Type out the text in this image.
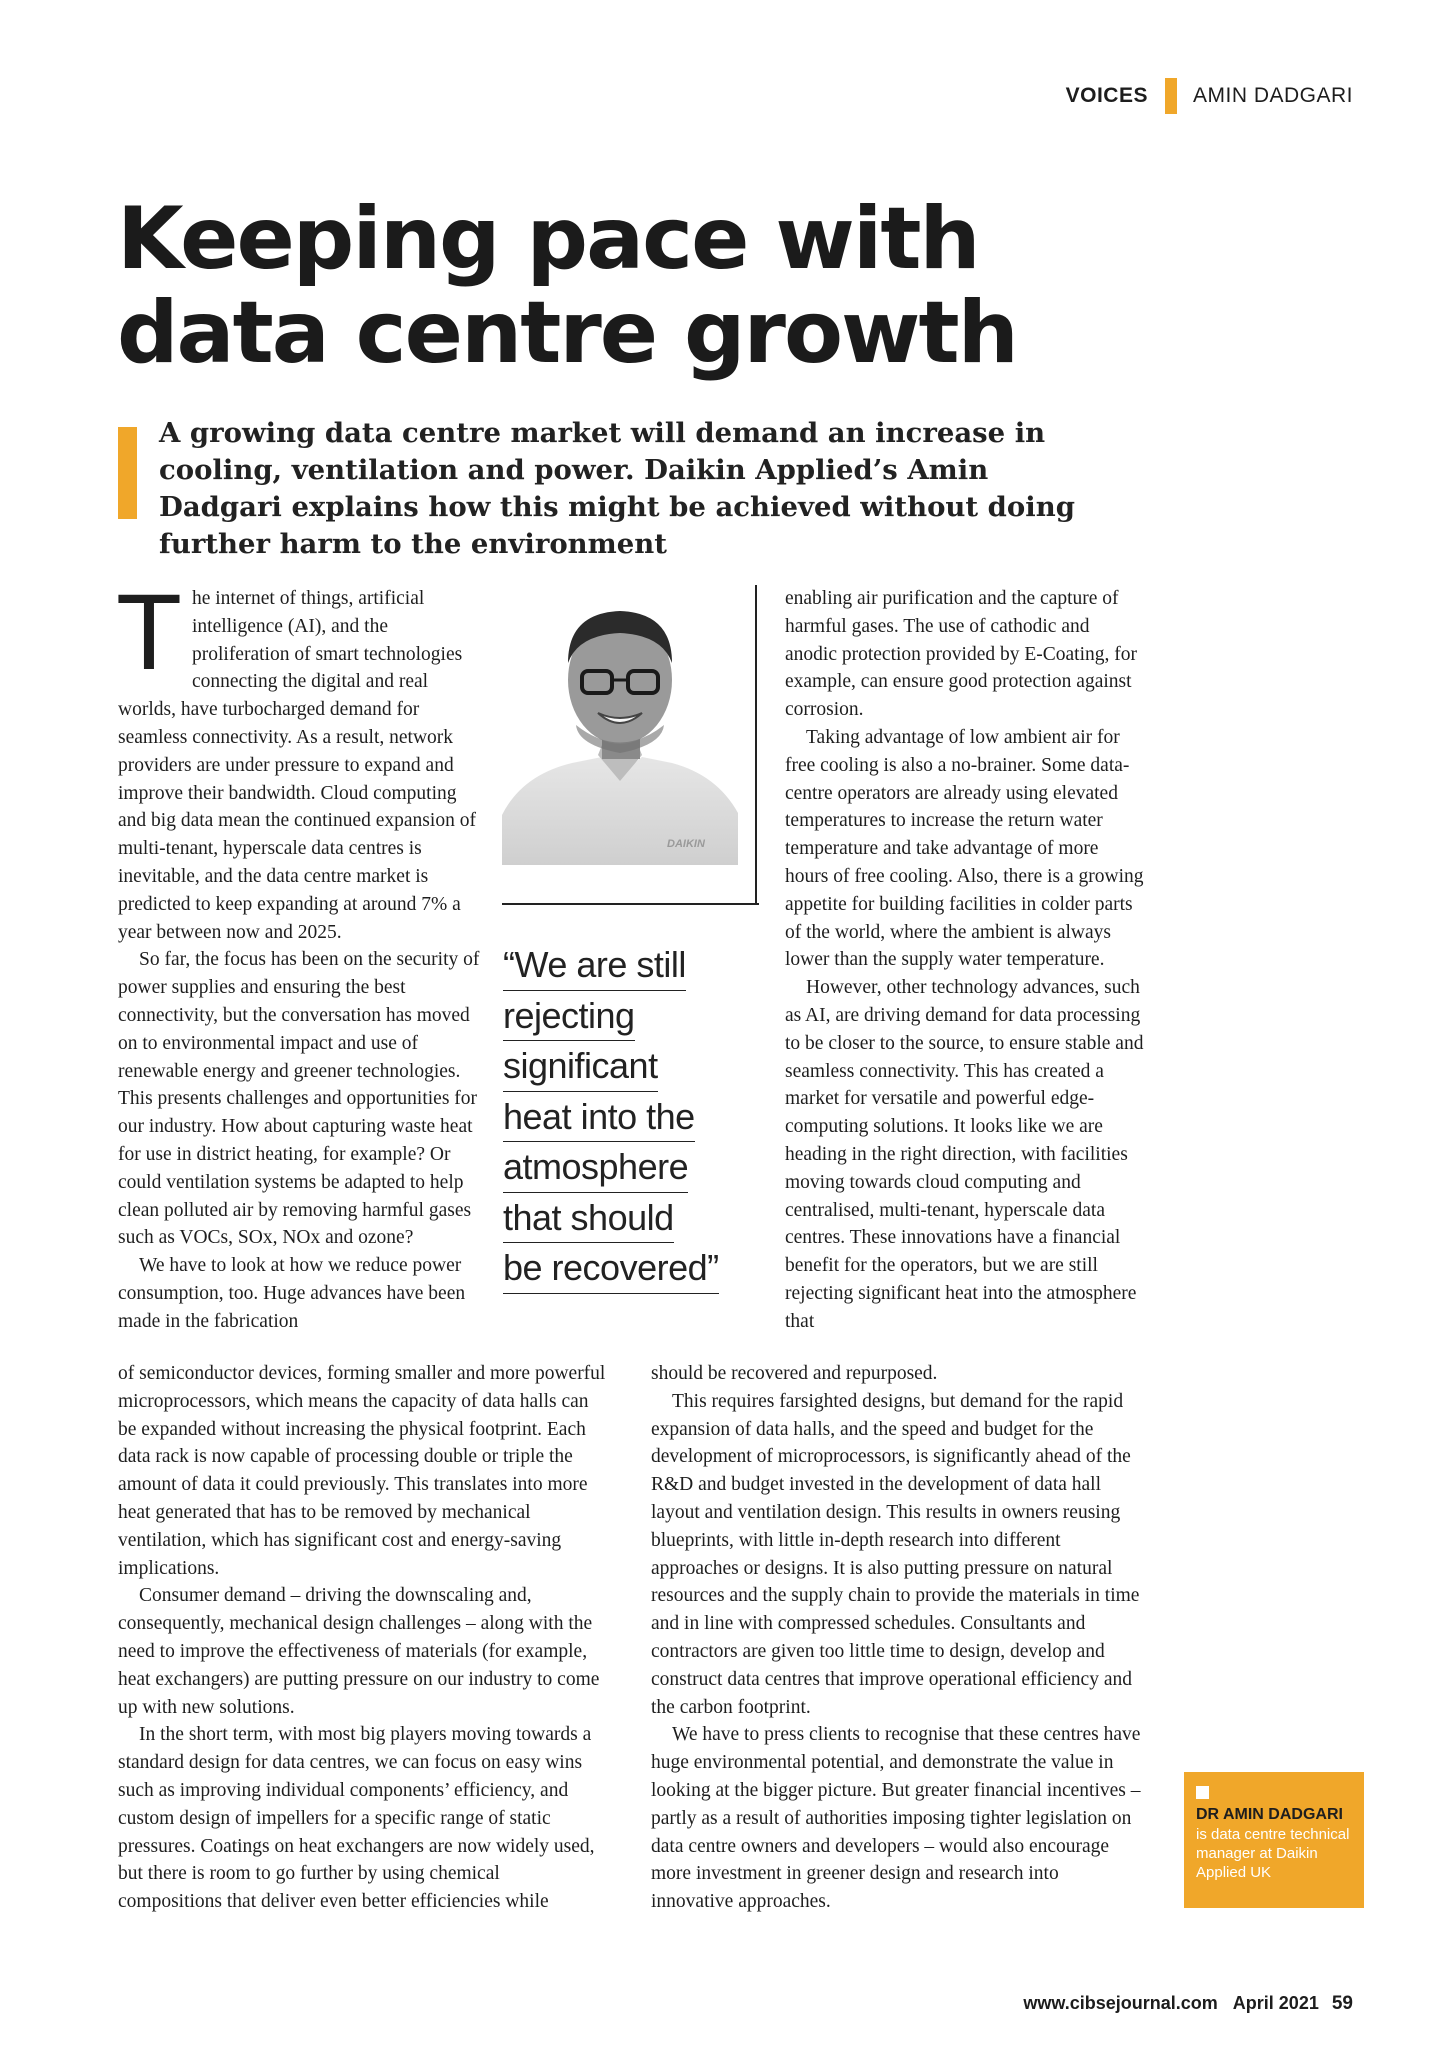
VOICES AMIN DADGARI
Keeping pace with
data centre growth

A growing data centre market will demand an increase in cooling, ventilation and power. Daikin Applied’s Amin Dadgari explains how this might be achieved without doing further harm to the environment

The internet of things, artificial intelligence (AI), and the proliferation of smart technologies connecting the digital and real worlds, have turbocharged demand for seamless connectivity. As a result, network providers are under pressure to expand and improve their bandwidth. Cloud computing and big data mean the continued expansion of multi-tenant, hyperscale data centres is inevitable, and the data centre market is predicted to keep expanding at around 7% a year between now and 2025.

So far, the focus has been on the security of power supplies and ensuring the best connectivity, but the conversation has moved on to environmental impact and use of renewable energy and greener technologies. This presents challenges and opportunities for our industry. How about capturing waste heat for use in district heating, for example? Or could ventilation systems be adapted to help clean polluted air by removing harmful gases such as VOCs, SOx, NOx and ozone?

We have to look at how we reduce power consumption, too. Huge advances have been made in the fabrication

DAIKIN
“We are still
rejecting
significant
heat into the
atmosphere
that should
be recovered”

enabling air purification and the capture of harmful gases. The use of cathodic and anodic protection provided by E-Coating, for example, can ensure good protection against corrosion.

Taking advantage of low ambient air for free cooling is also a no-brainer. Some data-centre operators are already using elevated temperatures to increase the return water temperature and take advantage of more hours of free cooling. Also, there is a growing appetite for building facilities in colder parts of the world, where the ambient is always lower than the supply water temperature.

However, other technology advances, such as AI, are driving demand for data processing to be closer to the source, to ensure stable and seamless connectivity. This has created a market for versatile and powerful edge-computing solutions. It looks like we are heading in the right direction, with facilities moving towards cloud computing and centralised, multi-tenant, hyperscale data centres. These innovations have a financial benefit for the operators, but we are still rejecting significant heat into the atmosphere that

of semiconductor devices, forming smaller and more powerful microprocessors, which means the capacity of data halls can be expanded without increasing the physical footprint. Each data rack is now capable of processing double or triple the amount of data it could previously. This translates into more heat generated that has to be removed by mechanical ventilation, which has significant cost and energy-saving implications.

Consumer demand – driving the downscaling and, consequently, mechanical design challenges – along with the need to improve the effectiveness of materials (for example, heat exchangers) are putting pressure on our industry to come up with new solutions.

In the short term, with most big players moving towards a standard design for data centres, we can focus on easy wins such as improving individual components’ efficiency, and custom design of impellers for a specific range of static pressures. Coatings on heat exchangers are now widely used, but there is room to go further by using chemical compositions that deliver even better efficiencies while

should be recovered and repurposed.

This requires farsighted designs, but demand for the rapid expansion of data halls, and the speed and budget for the development of microprocessors, is significantly ahead of the R&D and budget invested in the development of data hall layout and ventilation design. This results in owners reusing blueprints, with little in-depth research into different approaches or designs. It is also putting pressure on natural resources and the supply chain to provide the materials in time and in line with compressed schedules. Consultants and contractors are given too little time to design, develop and construct data centres that improve operational efficiency and the carbon footprint.

We have to press clients to recognise that these centres have huge environmental potential, and demonstrate the value in looking at the bigger picture. But greater financial incentives – partly as a result of authorities imposing tighter legislation on data centre owners and developers – would also encourage more investment in greener design and research into innovative approaches.

DR AMIN DADGARI
is data centre technical manager at Daikin Applied UK
www.cibsejournal.com April 2021 59
